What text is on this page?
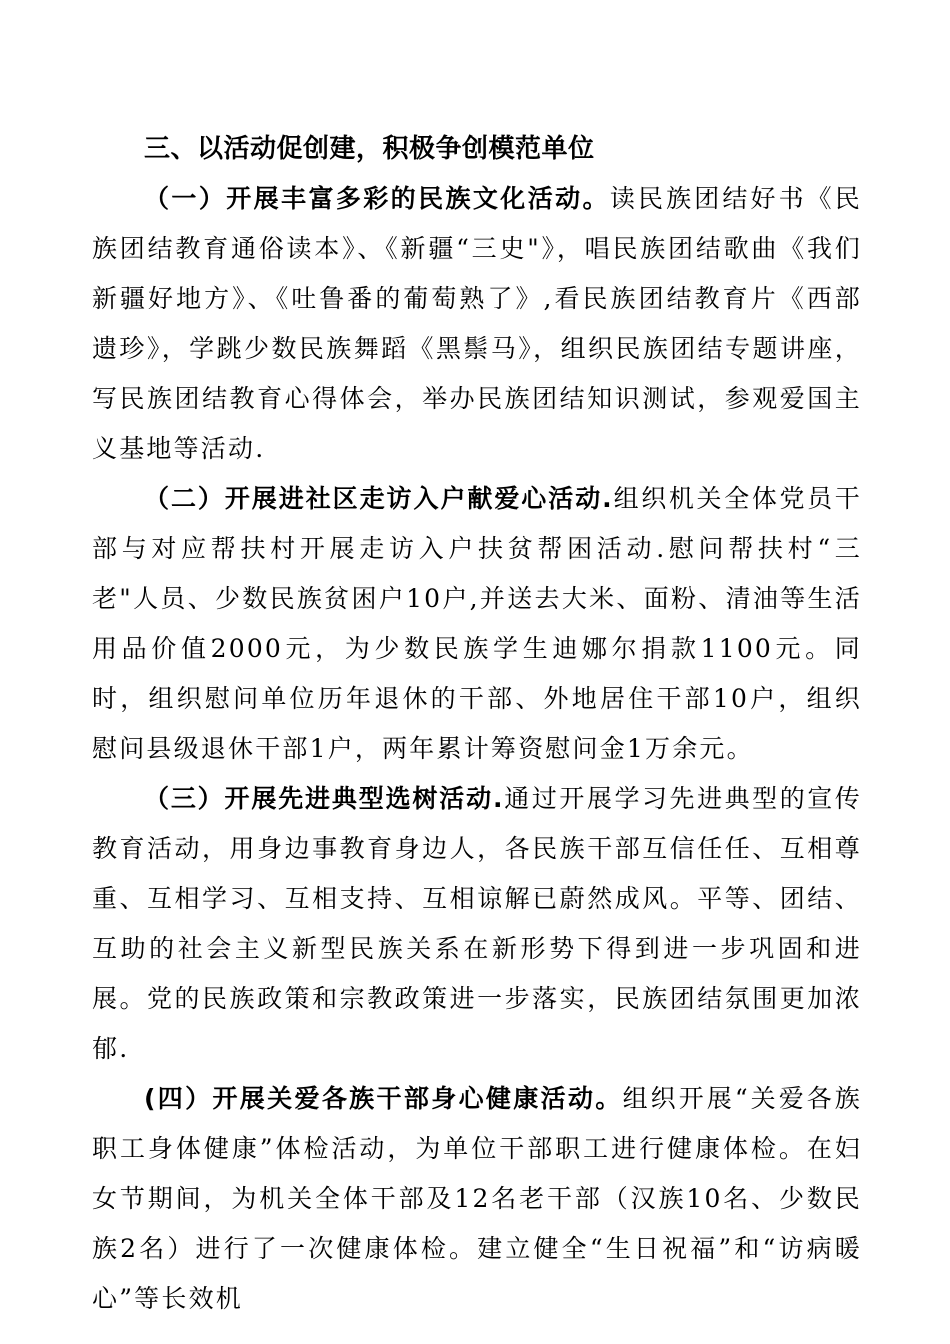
三、以活动促创建，积极争创模范单位

（一）开展丰富多彩的民族文化活动。读民族团结好书《民族团结教育通俗读本》、《新疆“三史"》，唱民族团结歌曲《我们新疆好地方》、《吐鲁番的葡萄熟了》,看民族团结教育片《西部遗珍》，学跳少数民族舞蹈《黑鬃马》，组织民族团结专题讲座，写民族团结教育心得体会，举办民族团结知识测试，参观爱国主义基地等活动.

（二）开展进社区走访入户献爱心活动.组织机关全体党员干部与对应帮扶村开展走访入户扶贫帮困活动.慰问帮扶村“三老"人员、少数民族贫困户10户,并送去大米、面粉、清油等生活用品价值2000元，为少数民族学生迪娜尔捐款1100元。同时，组织慰问单位历年退休的干部、外地居住干部10户，组织慰问县级退休干部1户，两年累计筹资慰问金1万余元。

（三）开展先进典型选树活动.通过开展学习先进典型的宣传教育活动，用身边事教育身边人，各民族干部互信任任、互相尊重、互相学习、互相支持、互相谅解已蔚然成风。平等、团结、互助的社会主义新型民族关系在新形势下得到进一步巩固和进展。党的民族政策和宗教政策进一步落实，民族团结氛围更加浓郁.

(四）开展关爱各族干部身心健康活动。组织开展“关爱各族职工身体健康”体检活动，为单位干部职工进行健康体检。在妇女节期间，为机关全体干部及12名老干部（汉族10名、少数民族2名）进行了一次健康体检。建立健全“生日祝福”和“访病暖心”等长效机
